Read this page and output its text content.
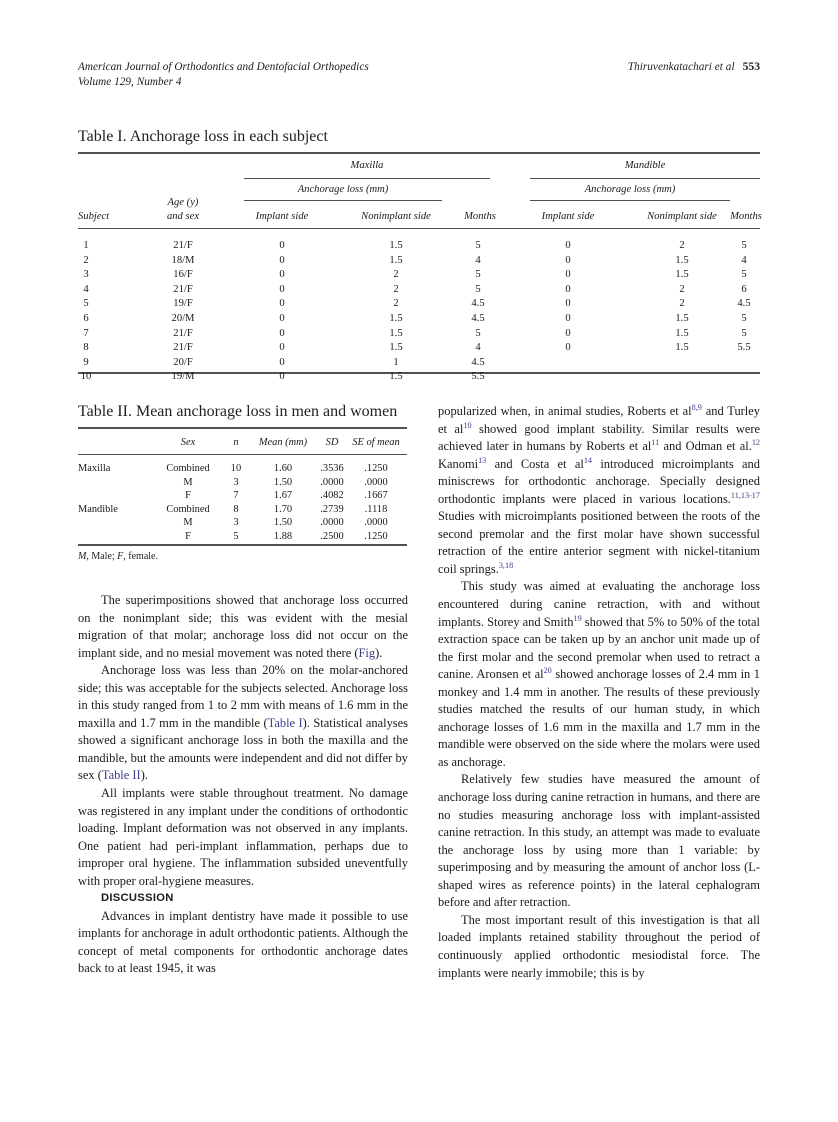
American Journal of Orthodontics and Dentofacial Orthopedics
Volume 129, Number 4
Thiruvenkatachari et al 553
Table I. Anchorage loss in each subject
Maxilla	Mandible
Anchorage loss (mm)	Anchorage loss (mm)
Subject
Age (y)
and sex	Implant side	Nonimplant side	Months	Implant side	Nonimplant side Months
1	21/F	0	1.5	5	0	2	5
2	18/M	0	1.5	4	0	1.5	4
3	16/F	0	2	5	0	1.5	5
4	21/F	0	2	5	0	2	6
5	19/F	0	2	4.5	0	2	4.5
6	20/M	0	1.5	4.5	0	1.5	5
7	21/F	0	1.5	5	0	1.5	5
8	21/F	0	1.5	4	0	1.5	5.5
9	20/F	0	1	4.5
10	19/M	0	1.5	5.5
Table II. Mean anchorage loss in men and women
Sex	n Mean (mm) SD SE of mean
Maxilla	Combined 10	1.60	.3536 .1250
M	3	1.50	.0000 .0000
F	7	1.67	.4082 .1667
Mandible	Combined 8	1.70	.2739 .1118
M	3	1.50	.0000 .0000
F	5	1.88	.2500 .1250
M, Male; F, female.

The superimpositions showed that anchorage loss occurred on the nonimplant side; this was evident with the mesial migration of that molar; anchorage loss did not occur on the implant side, and no mesial movement was noted there (Fig).

Anchorage loss was less than 20% on the molar-anchored side; this was acceptable for the subjects selected. Anchorage loss in this study ranged from 1 to 2 mm with means of 1.6 mm in the maxilla and 1.7 mm in the mandible (Table I). Statistical analyses showed a significant anchorage loss in both the maxilla and the mandible, but the amounts were independent and did not differ by sex (Table II).

All implants were stable throughout treatment. No damage was registered in any implant under the conditions of orthodontic loading. Implant deformation was not observed in any implants. One patient had peri-implant inflammation, perhaps due to improper oral hygiene. The inflammation subsided uneventfully with proper oral-hygiene measures.

DISCUSSION

Advances in implant dentistry have made it possible to use implants for anchorage in adult orthodontic patients. Although the concept of metal components for orthodontic anchorage dates back to at least 1945, it was

popularized when, in animal studies, Roberts et al$^{8,9}$ and Turley et $al^{10}$ showed good implant stability. Similar results were achieved later in humans by Roberts et $al^{11}$ and Odman et al.$^{12}$ Kanomi$^{13}$ and Costa et $al^{14}$ introduced microimplants and miniscrews for orthodontic anchorage. Specially designed orthodontic implants were placed in various locations.$^{11,13-17}$ Studies with microimplants positioned between the roots of the second premolar and the first molar have shown successful retraction of the entire anterior segment with nickel-titanium coil springs.$^{3,18}$

This study was aimed at evaluating the anchorage loss encountered during canine retraction, with and without implants. Storey and Smith$^{19}$ showed that 5% to 50% of the total extraction space can be taken up by an anchor unit made up of the first molar and the second premolar when used to retract a canine. Aronsen et $al^{20}$ showed anchorage losses of 2.4 mm in 1 monkey and 1.4 mm in another. The results of these previously studies matched the results of our human study, in which anchorage losses of 1.6 mm in the maxilla and 1.7 mm in the mandible were observed on the side where the molars were used as anchorage.

Relatively few studies have measured the amount of anchorage loss during canine retraction in humans, and there are no studies measuring anchorage loss with implant-assisted canine retraction. In this study, an attempt was made to evaluate the anchorage loss by using more than 1 variable: by superimposing and by measuring the amount of anchor loss (L-shaped wires as reference points) in the lateral cephalogram before and after retraction.

The most important result of this investigation is that all loaded implants retained stability throughout the period of continuously applied orthodontic mesiodistal force. The implants were nearly immobile; this is by
